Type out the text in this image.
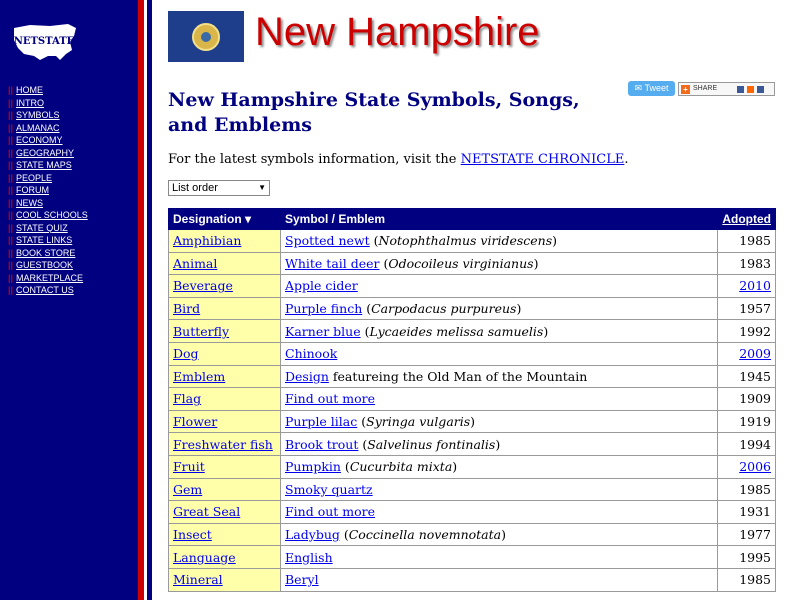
NETSTATE
|| HOME
|| INTRO
|| SYMBOLS
|| ALMANAC
|| ECONOMY
|| GEOGRAPHY
|| STATE MAPS
|| PEOPLE
|| FORUM
|| NEWS
|| COOL SCHOOLS
|| STATE QUIZ
|| STATE LINKS
|| BOOK STORE
|| GUESTBOOK
|| MARKETPLACE
|| CONTACT US
New Hampshire
✉ Tweet	+ SHARE
New Hampshire State Symbols, Songs, and Emblems
For the latest symbols information, visit the NETSTATE CHRONICLE.
List order	▼
Designation ▾	Symbol / Emblem	Adopted
Amphibian	Spotted newt (Notophthalmus viridescens)	1985
Animal	White tail deer (Odocoileus virginianus)	1983
Beverage	Apple cider	2010
Bird	Purple finch (Carpodacus purpureus)	1957
Butterfly	Karner blue (Lycaeides melissa samuelis)	1992
Dog	Chinook	2009
Emblem	Design featureing the Old Man of the Mountain	1945
Flag	Find out more	1909
Flower	Purple lilac (Syringa vulgaris)	1919
Freshwater fish	Brook trout (Salvelinus fontinalis)	1994
Fruit	Pumpkin (Cucurbita mixta)	2006
Gem	Smoky quartz	1985
Great Seal	Find out more	1931
Insect	Ladybug (Coccinella novemnotata)	1977
Language	English	1995
Mineral	Beryl	1985
